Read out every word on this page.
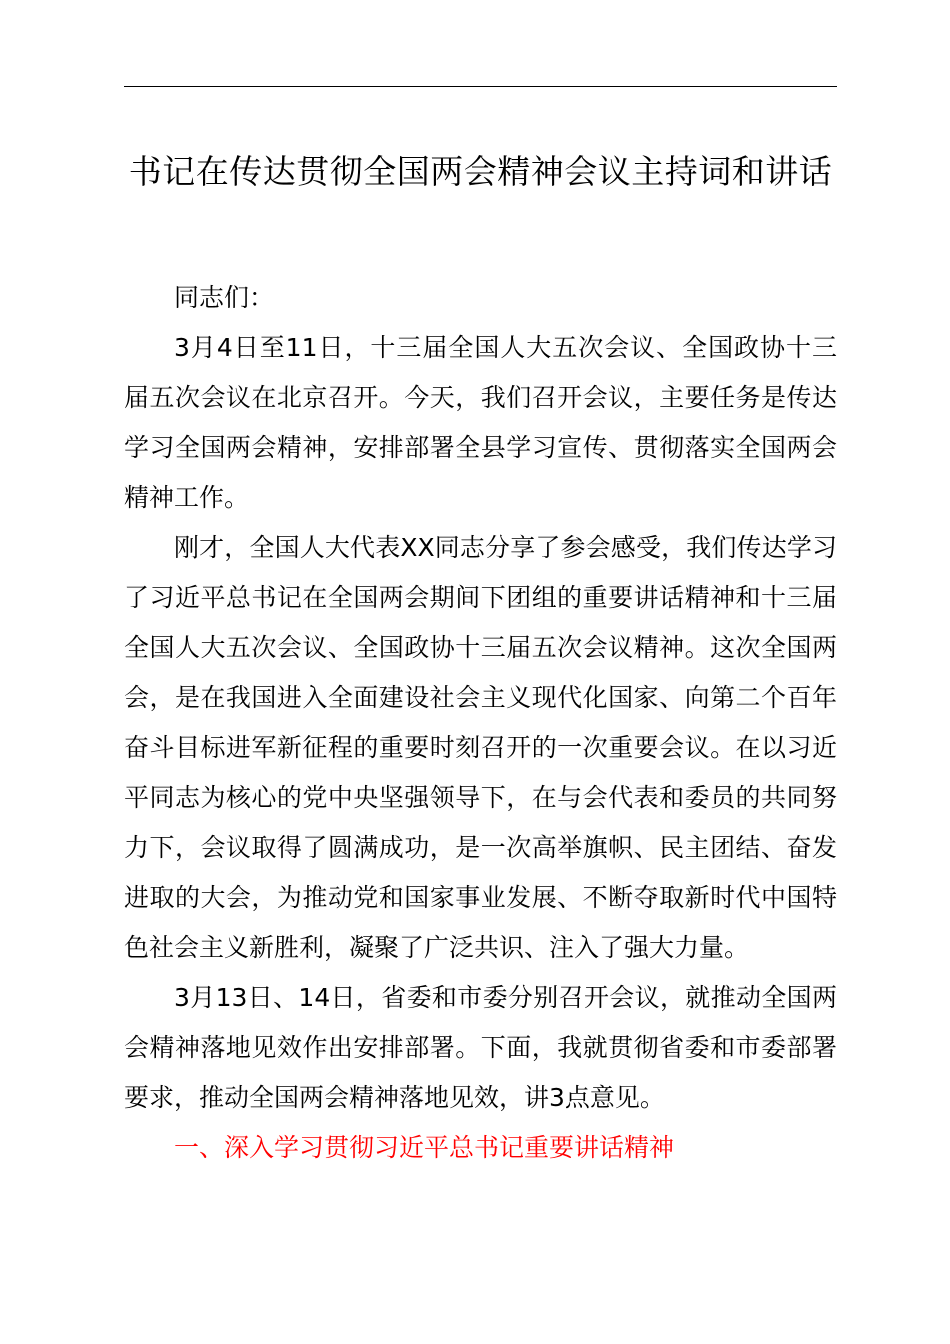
书记在传达贯彻全国两会精神会议主持词和讲话

同志们：

3月4日至11日，十三届全国人大五次会议、全国政协十三届五次会议在北京召开。今天，我们召开会议，主要任务是传达学习全国两会精神，安排部署全县学习宣传、贯彻落实全国两会精神工作。

刚才，全国人大代表XX同志分享了参会感受，我们传达学习了习近平总书记在全国两会期间下团组的重要讲话精神和十三届全国人大五次会议、全国政协十三届五次会议精神。这次全国两会，是在我国进入全面建设社会主义现代化国家、向第二个百年奋斗目标进军新征程的重要时刻召开的一次重要会议。在以习近平同志为核心的党中央坚强领导下，在与会代表和委员的共同努力下，会议取得了圆满成功，是一次高举旗帜、民主团结、奋发进取的大会，为推动党和国家事业发展、不断夺取新时代中国特色社会主义新胜利，凝聚了广泛共识、注入了强大力量。

3月13日、14日，省委和市委分别召开会议，就推动全国两会精神落地见效作出安排部署。下面，我就贯彻省委和市委部署要求，推动全国两会精神落地见效，讲3点意见。

一、深入学习贯彻习近平总书记重要讲话精神
